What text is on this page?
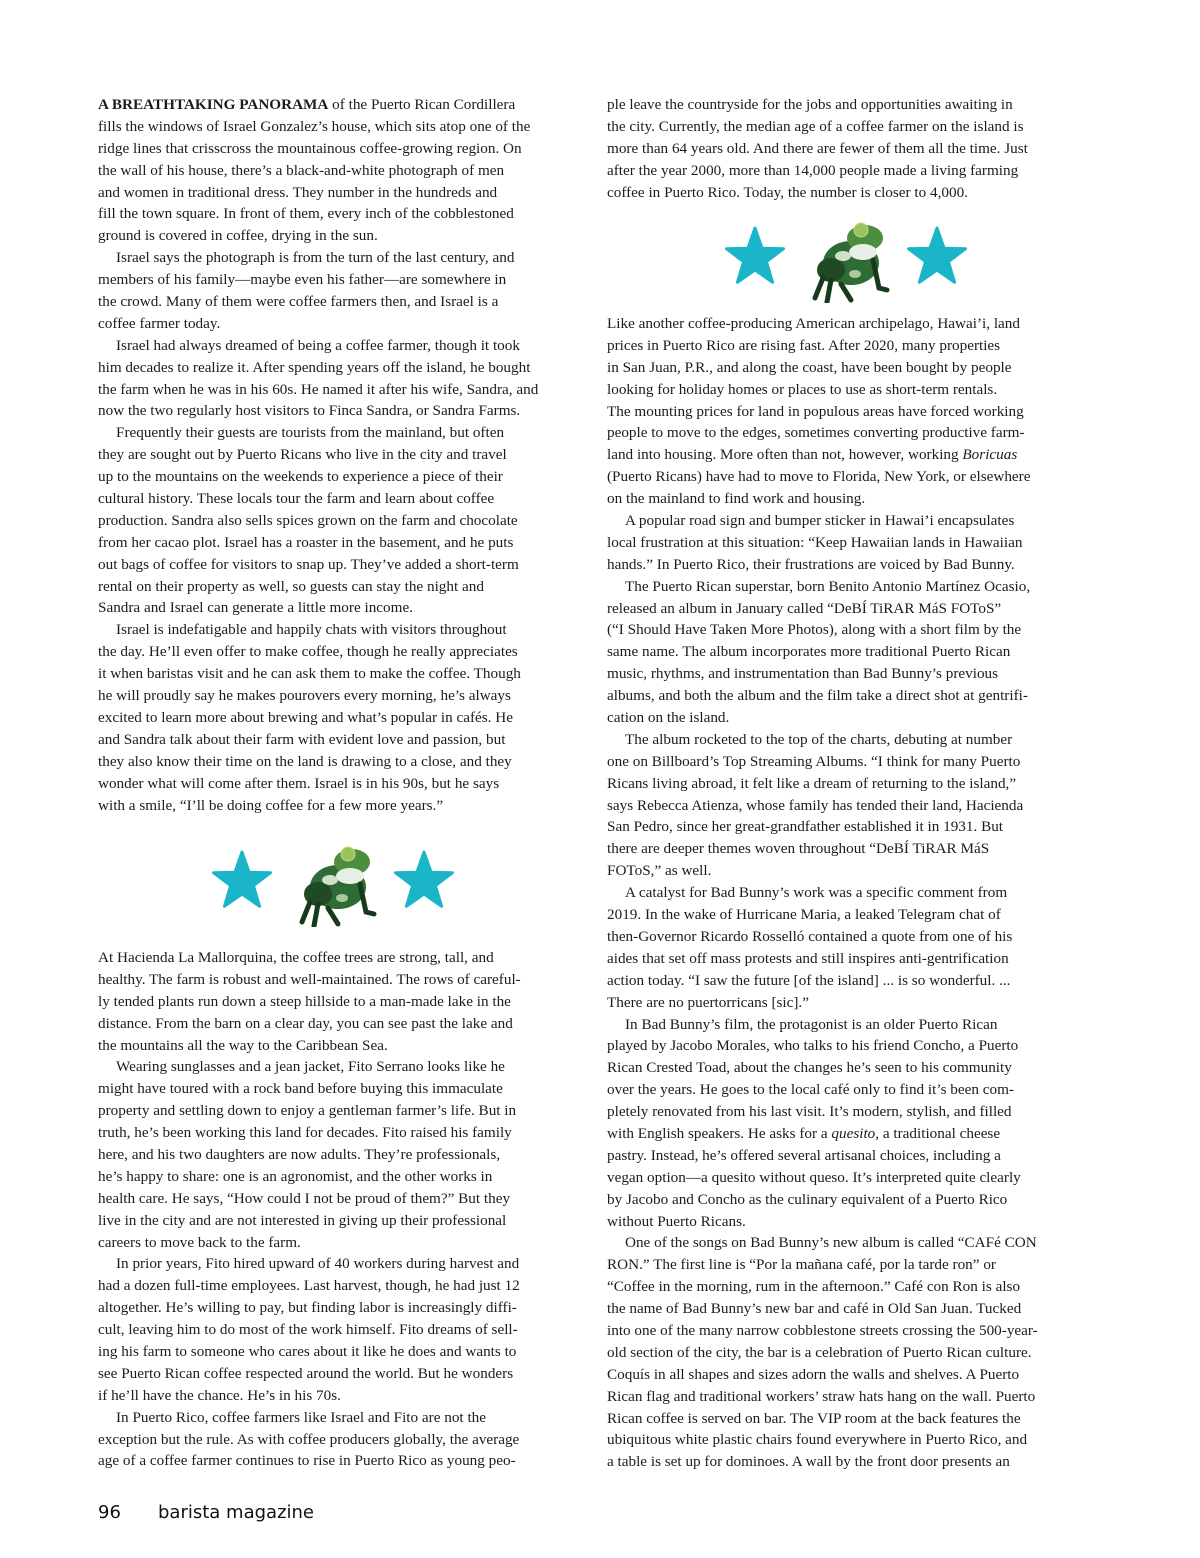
A BREATHTAKING PANORAMA of the Puerto Rican Cordillera
fills the windows of Israel Gonzalez’s house, which sits atop one of the
ridge lines that crisscross the mountainous coffee-growing region. On
the wall of his house, there’s a black-and-white photograph of men
and women in traditional dress. They number in the hundreds and
fill the town square. In front of them, every inch of the cobblestoned
ground is covered in coffee, drying in the sun.
Israel says the photograph is from the turn of the last century, and
members of his family—maybe even his father—are somewhere in
the crowd. Many of them were coffee farmers then, and Israel is a
coffee farmer today.
Israel had always dreamed of being a coffee farmer, though it took
him decades to realize it. After spending years off the island, he bought
the farm when he was in his 60s. He named it after his wife, Sandra, and
now the two regularly host visitors to Finca Sandra, or Sandra Farms.
Frequently their guests are tourists from the mainland, but often
they are sought out by Puerto Ricans who live in the city and travel
up to the mountains on the weekends to experience a piece of their
cultural history. These locals tour the farm and learn about coffee
production. Sandra also sells spices grown on the farm and chocolate
from her cacao plot. Israel has a roaster in the basement, and he puts
out bags of coffee for visitors to snap up. They’ve added a short-term
rental on their property as well, so guests can stay the night and
Sandra and Israel can generate a little more income.
Israel is indefatigable and happily chats with visitors throughout
the day. He’ll even offer to make coffee, though he really appreciates
it when baristas visit and he can ask them to make the coffee. Though
he will proudly say he makes pourovers every morning, he’s always
excited to learn more about brewing and what’s popular in cafés. He
and Sandra talk about their farm with evident love and passion, but
they also know their time on the land is drawing to a close, and they
wonder what will come after them. Israel is in his 90s, but he says
with a smile, “I’ll be doing coffee for a few more years.”
At Hacienda La Mallorquina, the coffee trees are strong, tall, and
healthy. The farm is robust and well-maintained. The rows of careful-
ly tended plants run down a steep hillside to a man-made lake in the
distance. From the barn on a clear day, you can see past the lake and
the mountains all the way to the Caribbean Sea.
Wearing sunglasses and a jean jacket, Fito Serrano looks like he
might have toured with a rock band before buying this immaculate
property and settling down to enjoy a gentleman farmer’s life. But in
truth, he’s been working this land for decades. Fito raised his family
here, and his two daughters are now adults. They’re professionals,
he’s happy to share: one is an agronomist, and the other works in
health care. He says, “How could I not be proud of them?” But they
live in the city and are not interested in giving up their professional
careers to move back to the farm.
In prior years, Fito hired upward of 40 workers during harvest and
had a dozen full-time employees. Last harvest, though, he had just 12
altogether. He’s willing to pay, but finding labor is increasingly diffi-
cult, leaving him to do most of the work himself. Fito dreams of sell-
ing his farm to someone who cares about it like he does and wants to
see Puerto Rican coffee respected around the world. But he wonders
if he’ll have the chance. He’s in his 70s.
In Puerto Rico, coffee farmers like Israel and Fito are not the
exception but the rule. As with coffee producers globally, the average
age of a coffee farmer continues to rise in Puerto Rico as young peo-
ple leave the countryside for the jobs and opportunities awaiting in
the city. Currently, the median age of a coffee farmer on the island is
more than 64 years old. And there are fewer of them all the time. Just
after the year 2000, more than 14,000 people made a living farming
coffee in Puerto Rico. Today, the number is closer to 4,000.
Like another coffee-producing American archipelago, Hawai’i, land
prices in Puerto Rico are rising fast. After 2020, many properties
in San Juan, P.R., and along the coast, have been bought by people
looking for holiday homes or places to use as short-term rentals.
The mounting prices for land in populous areas have forced working
people to move to the edges, sometimes converting productive farm-
land into housing. More often than not, however, working Boricuas
(Puerto Ricans) have had to move to Florida, New York, or elsewhere
on the mainland to find work and housing.
A popular road sign and bumper sticker in Hawai’i encapsulates
local frustration at this situation: “Keep Hawaiian lands in Hawaiian
hands.” In Puerto Rico, their frustrations are voiced by Bad Bunny.
The Puerto Rican superstar, born Benito Antonio Martínez Ocasio,
released an album in January called “DeBÍ TiRAR MáS FOToS”
(“I Should Have Taken More Photos), along with a short film by the
same name. The album incorporates more traditional Puerto Rican
music, rhythms, and instrumentation than Bad Bunny’s previous
albums, and both the album and the film take a direct shot at gentrifi-
cation on the island.
The album rocketed to the top of the charts, debuting at number
one on Billboard’s Top Streaming Albums. “I think for many Puerto
Ricans living abroad, it felt like a dream of returning to the island,”
says Rebecca Atienza, whose family has tended their land, Hacienda
San Pedro, since her great-grandfather established it in 1931. But
there are deeper themes woven throughout “DeBÍ TiRAR MáS
FOToS,” as well.
A catalyst for Bad Bunny’s work was a specific comment from
2019. In the wake of Hurricane Maria, a leaked Telegram chat of
then-Governor Ricardo Rosselló contained a quote from one of his
aides that set off mass protests and still inspires anti-gentrification
action today. “I saw the future [of the island] ... is so wonderful. ...
There are no puertorricans [sic].”
In Bad Bunny’s film, the protagonist is an older Puerto Rican
played by Jacobo Morales, who talks to his friend Concho, a Puerto
Rican Crested Toad, about the changes he’s seen to his community
over the years. He goes to the local café only to find it’s been com-
pletely renovated from his last visit. It’s modern, stylish, and filled
with English speakers. He asks for a quesito, a traditional cheese
pastry. Instead, he’s offered several artisanal choices, including a
vegan option—a quesito without queso. It’s interpreted quite clearly
by Jacobo and Concho as the culinary equivalent of a Puerto Rico
without Puerto Ricans.
One of the songs on Bad Bunny’s new album is called “CAFé CON
RON.” The first line is “Por la mañana café, por la tarde ron” or
“Coffee in the morning, rum in the afternoon.” Café con Ron is also
the name of Bad Bunny’s new bar and café in Old San Juan. Tucked
into one of the many narrow cobblestone streets crossing the 500-year-
old section of the city, the bar is a celebration of Puerto Rican culture.
Coquís in all shapes and sizes adorn the walls and shelves. A Puerto
Rican flag and traditional workers’ straw hats hang on the wall. Puerto
Rican coffee is served on bar. The VIP room at the back features the
ubiquitous white plastic chairs found everywhere in Puerto Rico, and
a table is set up for dominoes. A wall by the front door presents an
96 barista magazine
